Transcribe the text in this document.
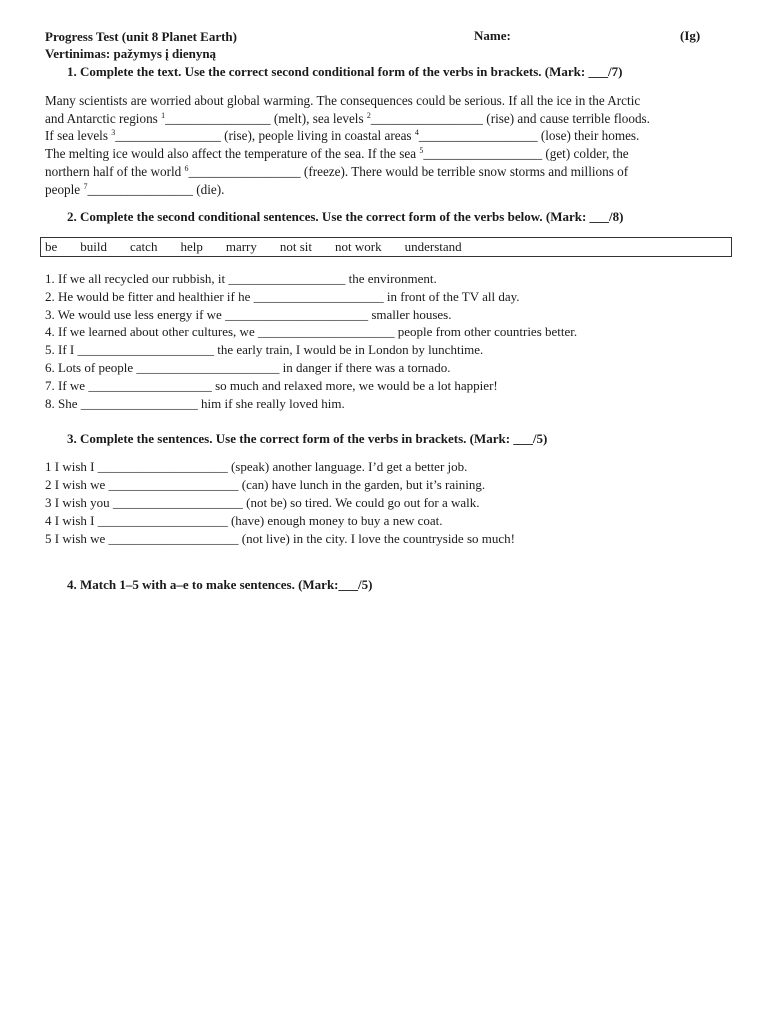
Progress Test (unit 8 Planet Earth)
Vertinimas: pažymys į dienyną
Name:	(Ig)
1. Complete the text. Use the correct second conditional form of the verbs in brackets. (Mark: ___/7)
Many scientists are worried about global warming. The consequences could be serious. If all the ice in the Arctic
and Antarctic regions $^1$________________ (melt), sea levels $^2$_________________ (rise) and cause terrible floods.
If sea levels $^3$________________ (rise), people living in coastal areas $^4$__________________ (lose) their homes.
The melting ice would also affect the temperature of the sea. If the sea $^5$__________________ (get) colder, the
northern half of the world $^6$_________________ (freeze). There would be terrible snow storms and millions of
people $^7$________________ (die).
2. Complete the second conditional sentences. Use the correct form of the verbs below. (Mark: ___/8)
be build catch help marry not sit not work understand
1. If we all recycled our rubbish, it __________________ the environment.
2. He would be fitter and healthier if he ____________________ in front of the TV all day.
3. We would use less energy if we ______________________ smaller houses.
4. If we learned about other cultures, we _____________________ people from other countries better.
5. If I _____________________ the early train, I would be in London by lunchtime.
6. Lots of people ______________________ in danger if there was a tornado.
7. If we ___________________ so much and relaxed more, we would be a lot happier!
8. She __________________ him if she really loved him.
3. Complete the sentences. Use the correct form of the verbs in brackets. (Mark: ___/5)
1 I wish I ____________________ (speak) another language. I’d get a better job.
2 I wish we ____________________ (can) have lunch in the garden, but it’s raining.
3 I wish you ____________________ (not be) so tired. We could go out for a walk.
4 I wish I ____________________ (have) enough money to buy a new coat.
5 I wish we ____________________ (not live) in the city. I love the countryside so much!
4. Match 1–5 with a–e to make sentences. (Mark:___/5)
